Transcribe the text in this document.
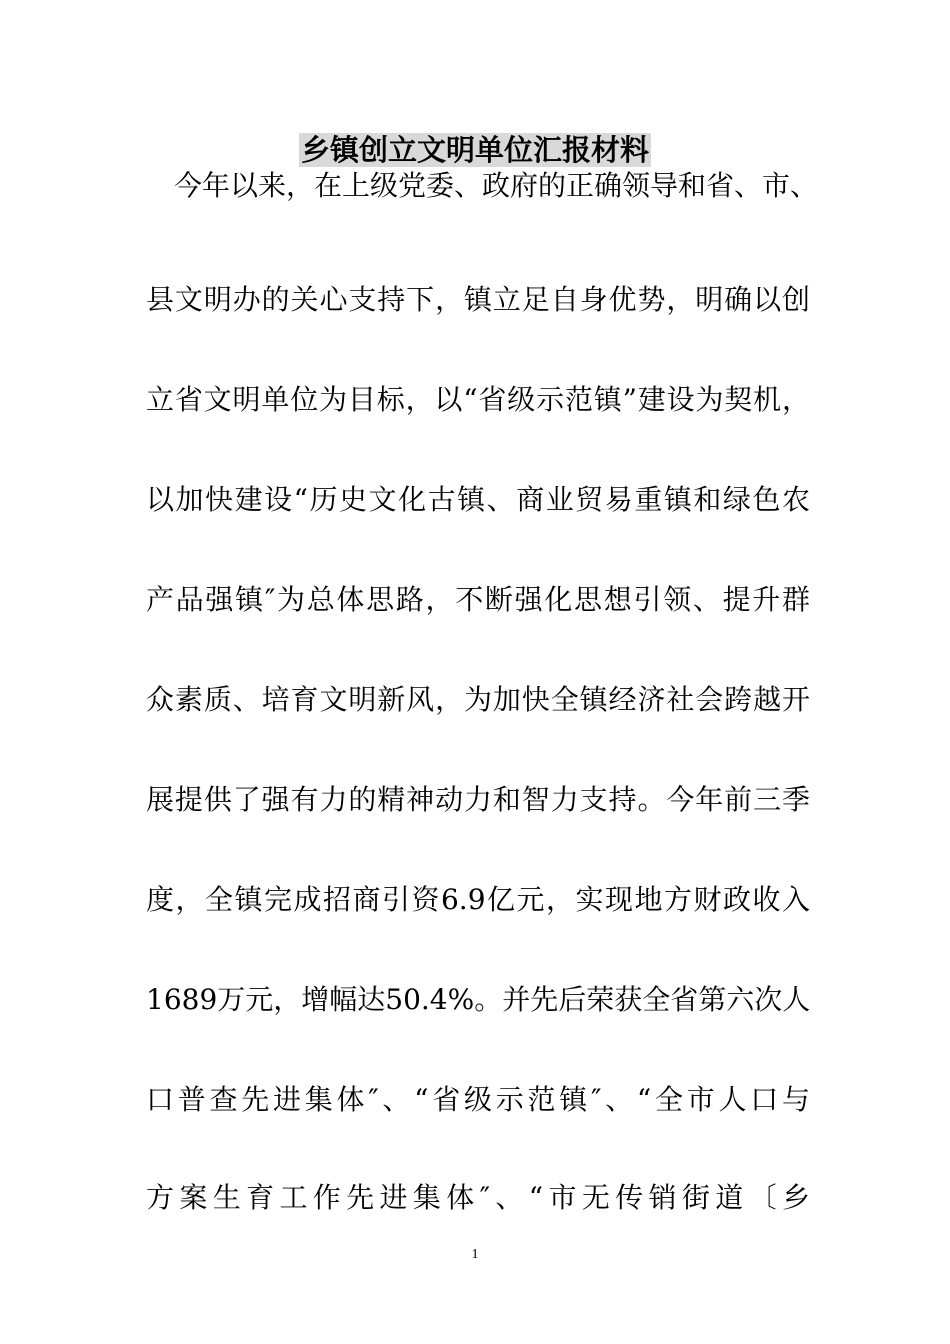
乡镇创立文明单位汇报材料
今年以来，在上级党委、政府的正确领导和省、市、
县文明办的关心支持下，镇立足自身优势，明确以创
立省文明单位为目标，以“省级示范镇”建设为契机，
以加快建设“历史文化古镇、商业贸易重镇和绿色农
产品强镇″为总体思路，不断强化思想引领、提升群
众素质、培育文明新风，为加快全镇经济社会跨越开
展提供了强有力的精神动力和智力支持。今年前三季
度，全镇完成招商引资6.9亿元，实现地方财政收入
1689万元，增幅达50.4%。并先后荣获全省第六次人
口普查先进集体″、“省级示范镇″、“全市人口与
方案生育工作先进集体″、“市无传销街道〔乡
1
